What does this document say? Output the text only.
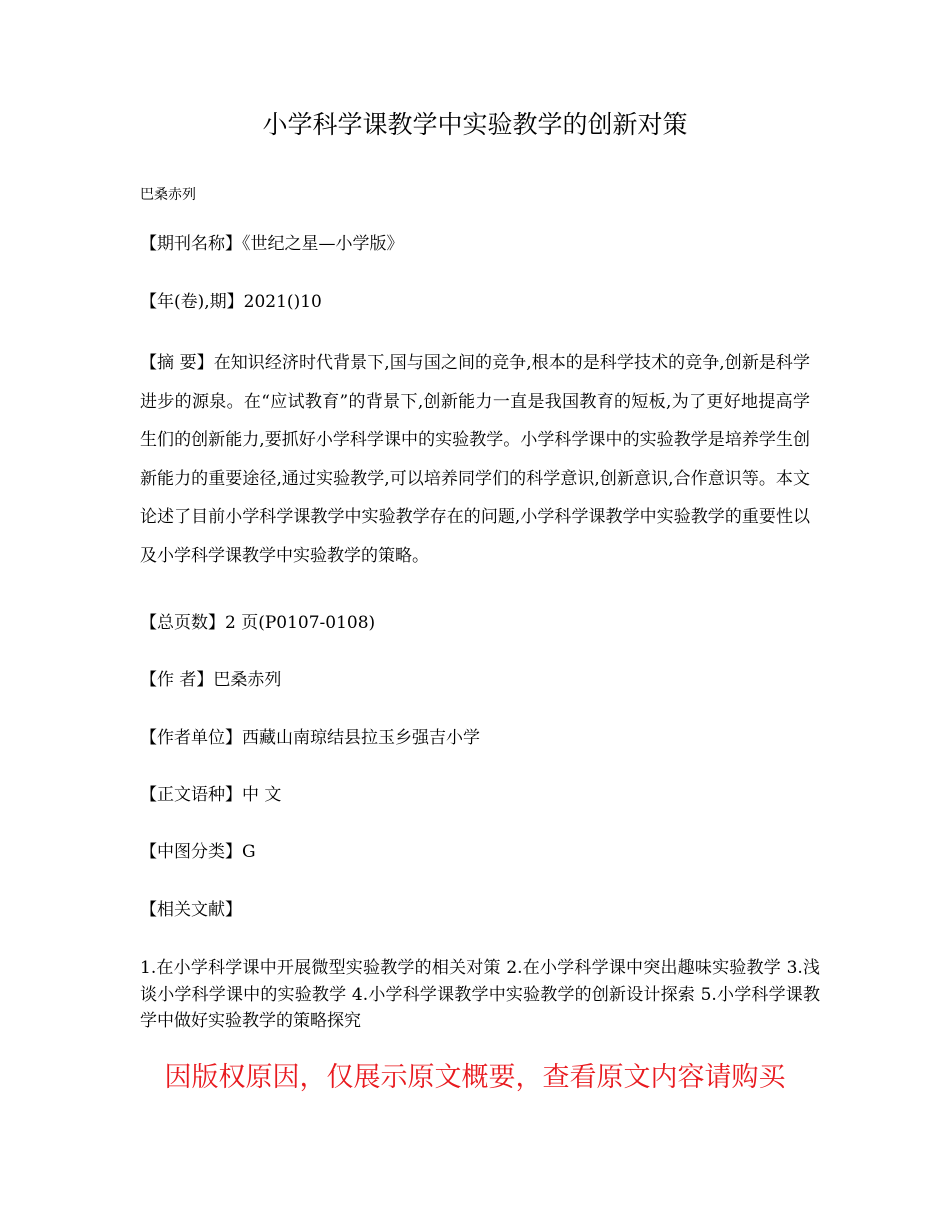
小学科学课教学中实验教学的创新对策
巴桑赤列
【期刊名称】《世纪之星—小学版》
【年(卷),期】2021()10
【摘 要】在知识经济时代背景下,国与国之间的竞争,根本的是科学技术的竞争,创新是科学进步的源泉。在“应试教育”的背景下,创新能力一直是我国教育的短板,为了更好地提高学生们的创新能力,要抓好小学科学课中的实验教学。小学科学课中的实验教学是培养学生创新能力的重要途径,通过实验教学,可以培养同学们的科学意识,创新意识,合作意识等。本文论述了目前小学科学课教学中实验教学存在的问题,小学科学课教学中实验教学的重要性以及小学科学课教学中实验教学的策略。
【总页数】2 页(P0107-0108)
【作 者】巴桑赤列
【作者单位】西藏山南琼结县拉玉乡强吉小学
【正文语种】中 文
【中图分类】G
【相关文献】
1.在小学科学课中开展微型实验教学的相关对策 2.在小学科学课中突出趣味实验教学 3.浅谈小学科学课中的实验教学 4.小学科学课教学中实验教学的创新设计探索 5.小学科学课教学中做好实验教学的策略探究
因版权原因，仅展示原文概要，查看原文内容请购买
